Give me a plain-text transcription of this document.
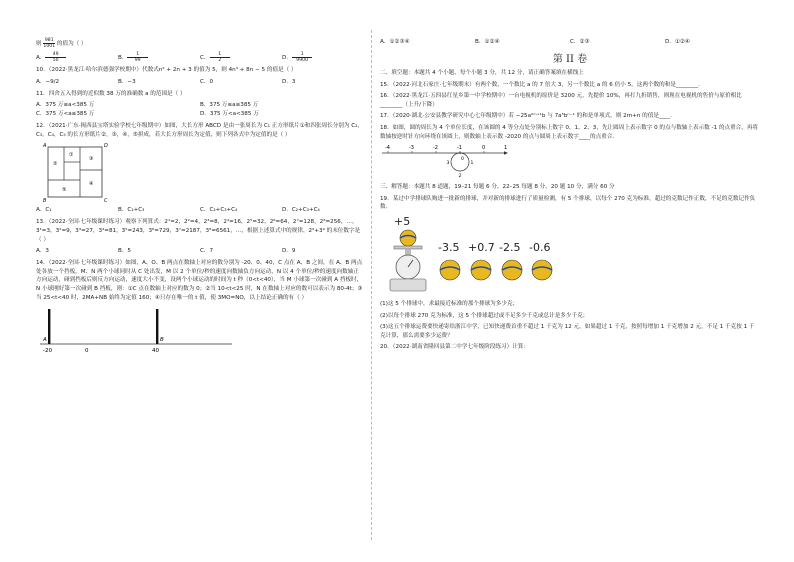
则 $\frac{981}{1001}$ 的值为（ ）
A． $\frac{49}{50}$	B． $\frac{1}{99}$	C． $\frac{1}{2}$	D． $\frac{1}{9900}$
10．（2022·黑龙江·哈尔滨德强学校期中）代数式n² + 2n + 3 的值为 5，则 4n³ + 8n − 5 的值是（ ）
A．−9/2	B．−3	C．0	D．3
11．四舍五入得到的近似数 38 万的准确数 a 的范围是（ ）
A．375 万≤a<385 万	B．375 万≤a≤385 万
C．375 万<a≤385 万	D．375 万<a<385 万
12．（2021·广东·揭西县宝塔实验学校七年级期中）如图，大长方形 ABCD 是由一张周长为 C₁ 正方形纸片①和四张周长分别为 C₂，C₃，C₄，C₅ 的长方形纸片②，③，④，⑤拼成，若大长方形周长为定值，则下列各式中为定值的是（ ）
A	D
B	C
①
②
③
④
⑤
A．C₁	B．C₂+C₃	C．C₂+C₃+C₄	D．C₂+C₃+C₄
13．（2022·全国·七年级课时练习）观察下列算式：2¹=2，2²=4，2³=8，2⁴=16，2⁵=32，2⁶=64，2⁷=128，2⁸=256，…，3¹=3，3²=9，3³=27，3⁴=81，3⁵=243，3⁶=729，3⁷=2187，3⁸=6561，…，根据上述算式中的规律，2⁹+3⁹ 的末位数字是（ ）
A．3	B．5	C．7	D．9
14．（2022·全国·七年级课时练习）如图，A、O、B 两点在数轴上对应的数分别为 -20、0、40，C 点在 A、B 之间，在 A、B 两点处各放一个挡板，M、N 两个小球同时从 C 处出发，M 以 2 个单位/秒的速度向数轴负方向运动，N 以 4 个单位/秒的速度向数轴正方向运动，碰到挡板后则反方向运动，速度大小不变，设两个小球运动的时间为 t 秒（0<t<40），当 M 小球第一次碰到 A 挡板时，N 小球刚好第一次碰到 B 挡板，则：①C 点在数轴上对应的数为 0；②当 10<t<25 时，N 在数轴上对应的数可以表示为 80-4t；③当 25<t<40 时，2MA+NB 始终为定值 160；④只存在唯一的 t 值，使 3MO=NO，以上结论正确的有（ ）
A	B
-20	0	40
A．①②③④	B．①②④	C．②③	D．①②④
第 II 卷
二、填空题：本题共 4 个小题，每个小题 3 分，共 12 分，请正确答案填在横线上
15．（2022·河北石家庄·七年级期末）有两个数，一个数比 a 的 7 倍大 3，另一个数比 a 的 6 倍小 5，这两个数的和是________．
16．（2022·黑龙江·五四县红星乡第一中学校期中）一台电视机的原价是 3200 元，先提价 10%，再打九折销售，则现在电视机的售价与原价相比________（上升/下降）
17．（2020·湖北·公安县教学研究中心七年级期中）若 −25a²ᵐ⁺¹b 与 7a⁵bⁿ⁻¹ 的和是单项式，则 2m+n 的值是____．
18．如图，圆的周长为 4 个单位长度，在该圆的 4 等分点处分别标上数字 0、1、2、3，先让圆周上表示数字 0 的点与数轴上表示数 -1 的点重合，再将数轴按逆时针方向环绕在该圆上，则数轴上表示数 -2020 的点与圆周上表示数字____的点重合．
-4	-3	-2	-1	0	1
0
1
2
3
三、解答题：本题共 8 道题，19–21 每题 6 分，22–25 每题 8 分，20 题 10 分，满分 60 分
19．某过中学排球队购进一批新的排球，并对新的排球进行了质量检测，有 5 个排球，以每个 270 克为标准，超过的克数记作正数，不足的克数记作负数．
+5
-3.5 +0.7 -2.5 -0.6
(1)这 5 个排球中，求最接近标准的那个排球为多少克；
(2)以每个排球 270 克为标准，这 5 个排球超过或不足多少千克或总计是多少千克；
(3)这五个排球运费要快递寄给浙江中学，已知快递费首重不超过 1 千克为 12 元，如果超过 1 千克，按照每增加 1 千克增加 2 元，不足 1 千克按 1 千克计算，那么需要多少运费？
20．（2022·湖南省隆回县第二中学七年级阶段练习）计算：
